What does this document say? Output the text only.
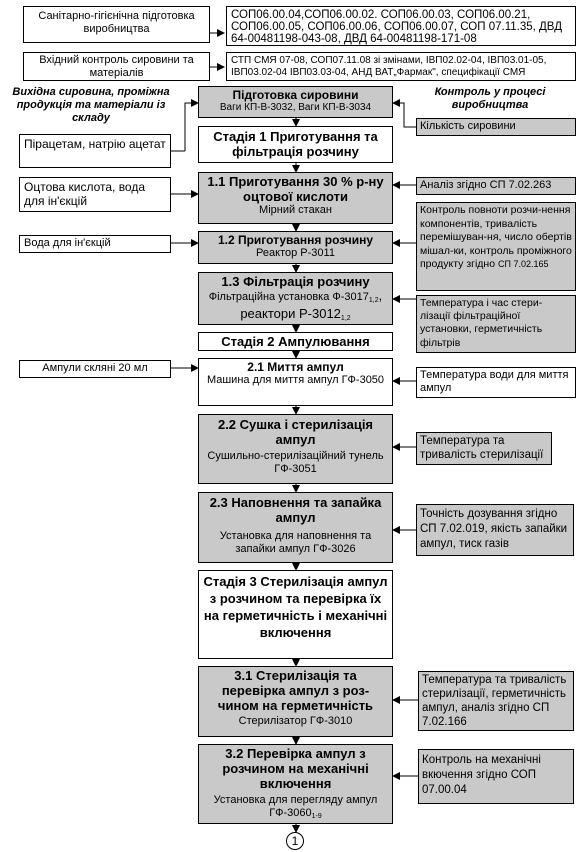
Санітарно-гігієнічна підготовка виробництва
СОП06.00.04,СОП06.00.02. СОП06.00.03, СОП06.00.21, СОП06.00.05, СОП06.00.06, СОП06.00.07, СОП 07.11.35, ДВД 64-00481198-043-08, ДВД 64-00481198-171-08
Вхідний контроль сировини та матеріалів
СТП СМЯ 07-08, СОП07.11.08 зі змінами, ІВП02.02-04, ІВП03.01-05, ІВП03.02-04 ІВП03.03-04, АНД ВАТ„Фармак", специфікації СМЯ
Вихідна сировина, проміжна продукція та матеріали із складу
Контроль у процесі виробництва
Підготовка сировини
Ваги КП-В-3032, Ваги КП-В-3034
Стадія 1 Приготування та фільтрація розчину
1.1 Приготування 30 % р-ну оцтової кислоти
Мірний стакан
1.2 Приготування розчину
Реактор Р-3011
1.3 Фільтрація розчину
Фільтраційна установка $Ф-3017_{1,2}$, реактори $Р-3012_{1,2}$
Стадія 2 Ампулювання
2.1 Миття ампул
Машина для миття ампул ГФ-3050
2.2 Сушка і стерилізація ампул
Сушильно-стерилізаційний тунель ГФ-3051
2.3 Наповнення та запайка ампул
Установка для наповнення та запайки ампул ГФ-3026
Стадія 3 Стерилізація ампул з розчином та перевірка їх на герметичність і механічні включення
3.1 Стерилізація та перевірка ампул з роз-чином на герметичність
Стерилізатор ГФ-3010
3.2 Перевірка ампул з розчином на механічні включення
Установка для перегляду ампул $ГФ-3060_{1-9}$
1
Пірацетам, натрію ацетат
Оцтова кислота, вода для ін'єкцій
Вода для ін'єкцій
Ампули скляні 20 мл
Кількість сировини
Аналіз згідно СП 7.02.263
Контроль повноти розчи-нення компонентів, тривалість перемішуван-ня, число обертів мішал-ки, контроль проміжного продукту згідно СП 7.02.165
Температура і час стери-лізації фільтраційної установки, герметичність фільтрів
Температура води для миття ампул
Температура та тривалість стерилізації
Точність дозування згідно СП 7.02.019, якість запайки ампул, тиск газів
Температура та тривалість стерилізації, герметичність ампул, аналіз згідно СП 7.02.166
Контроль на механічні вкючення згідно СОП 07.00.04
